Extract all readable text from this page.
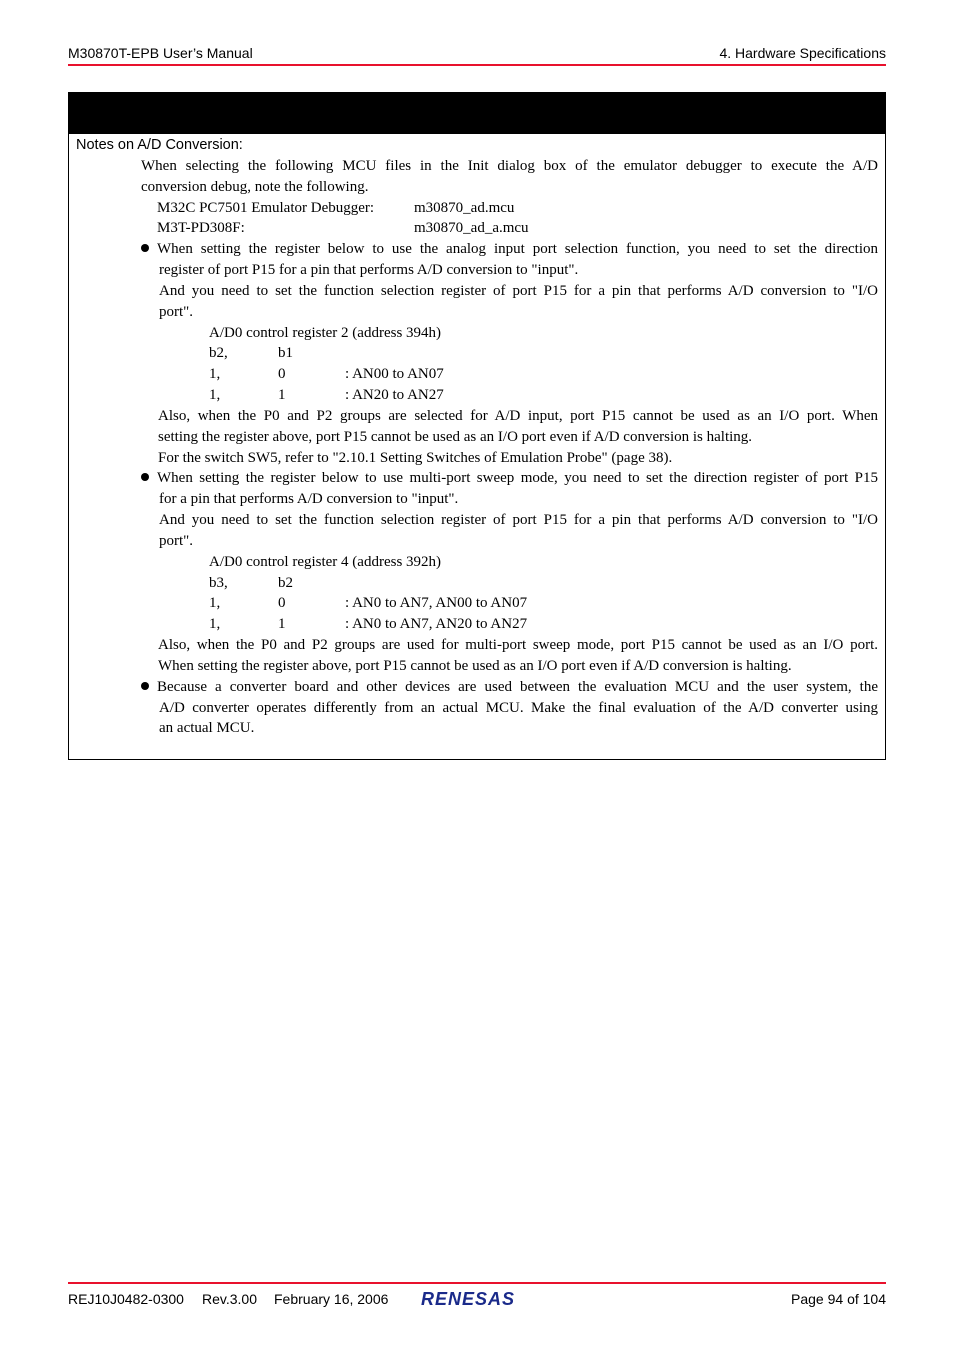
M30870T-EPB User’s Manual	4. Hardware Specifications
Notes on A/D Conversion:
When selecting the following MCU files in the Init dialog box of the emulator debugger to execute the A/D
conversion debug, note the following.
M32C PC7501 Emulator Debugger:	m30870_ad.mcu
M3T-PD308F:	m30870_ad_a.mcu
When setting the register below to use the analog input port selection function, you need to set the direction
register of port P15 for a pin that performs A/D conversion to "input".
And you need to set the function selection register of port P15 for a pin that performs A/D conversion to "I/O
port".
A/D0 control register 2 (address 394h)
b2,	b1
1,	0	: AN00 to AN07
1,	1	: AN20 to AN27
Also, when the P0 and P2 groups are selected for A/D input, port P15 cannot be used as an I/O port. When
setting the register above, port P15 cannot be used as an I/O port even if A/D conversion is halting.
For the switch SW5, refer to "2.10.1 Setting Switches of Emulation Probe" (page 38).
When setting the register below to use multi-port sweep mode, you need to set the direction register of port P15
for a pin that performs A/D conversion to "input".
And you need to set the function selection register of port P15 for a pin that performs A/D conversion to "I/O
port".
A/D0 control register 4 (address 392h)
b3,	b2
1,	0	: AN0 to AN7, AN00 to AN07
1,	1	: AN0 to AN7, AN20 to AN27
Also, when the P0 and P2 groups are used for multi-port sweep mode, port P15 cannot be used as an I/O port.
When setting the register above, port P15 cannot be used as an I/O port even if A/D conversion is halting.
Because a converter board and other devices are used between the evaluation MCU and the user system, the
A/D converter operates differently from an actual MCU. Make the final evaluation of the A/D converter using
an actual MCU.
REJ10J0482-0300 Rev.3.00 February 16, 2006 RENESAS	Page 94 of 104
